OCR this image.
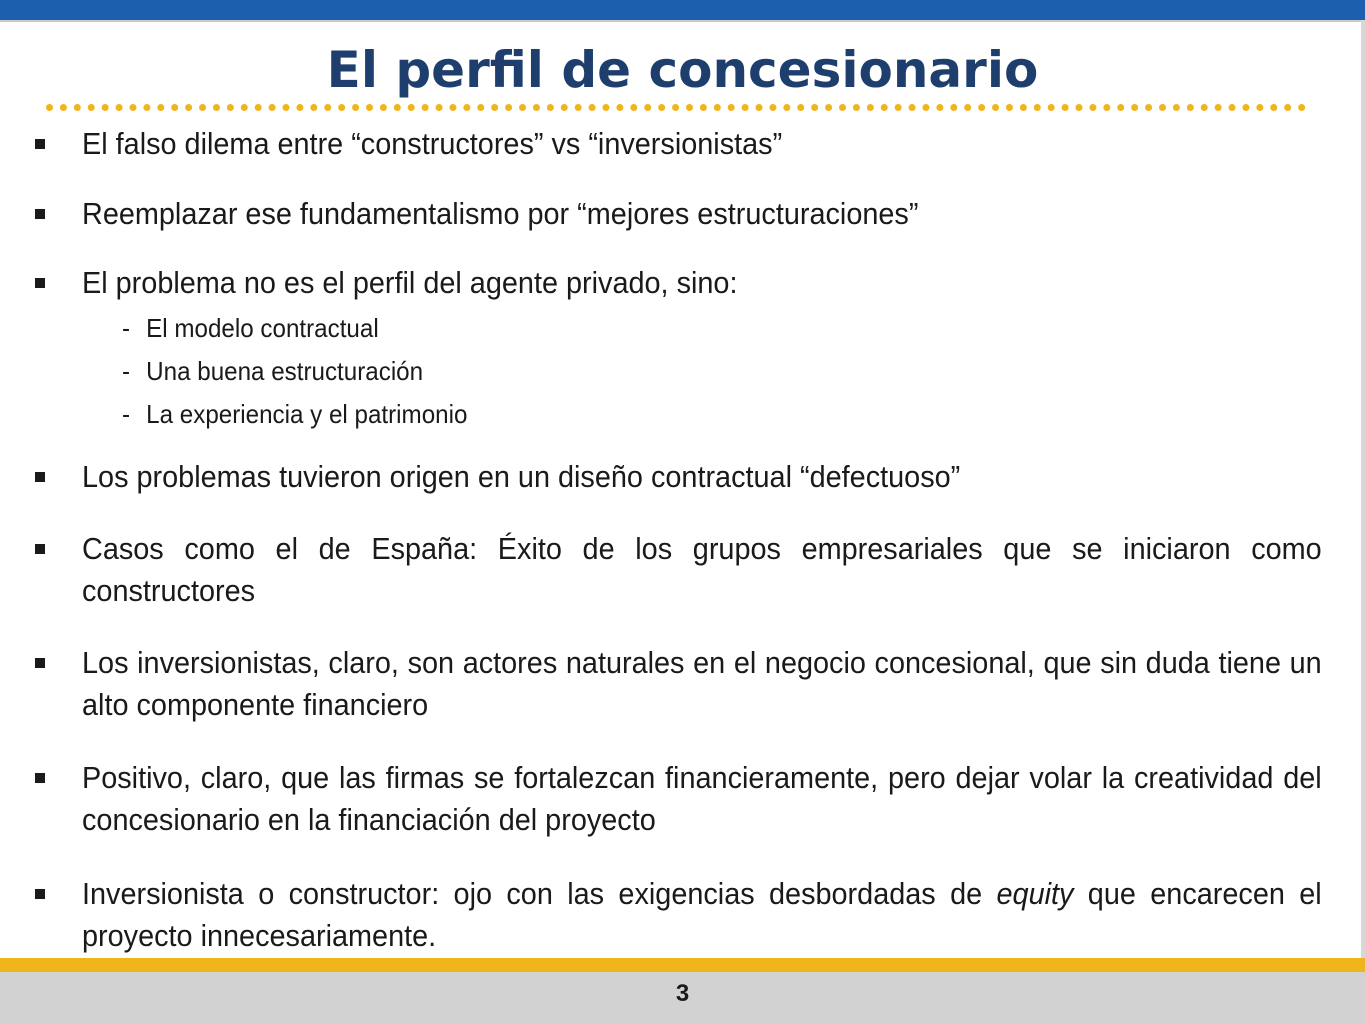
El perfil de concesionario
El falso dilema entre “constructores” vs “inversionistas”
Reemplazar ese fundamentalismo por “mejores estructuraciones”
El problema no es el perfil del agente privado, sino:
- El modelo contractual
- Una buena estructuración
- La experiencia y el patrimonio
Los problemas tuvieron origen en un diseño contractual “defectuoso”
Casos como el de España: Éxito de los grupos empresariales que se iniciaron como constructores
Los inversionistas, claro, son actores naturales en el negocio concesional, que sin duda tiene un alto componente financiero
Positivo, claro, que las firmas se fortalezcan financieramente, pero dejar volar la creatividad del concesionario en la financiación del proyecto
Inversionista o constructor: ojo con las exigencias desbordadas de equity que encarecen el proyecto innecesariamente.
3
